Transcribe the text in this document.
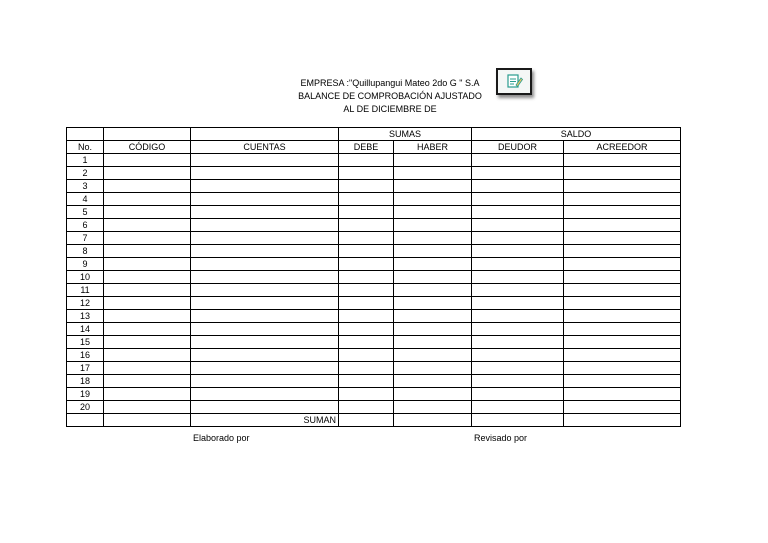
EMPRESA :"Quillupangui Mateo 2do G " S.A
BALANCE DE COMPROBACIÓN AJUSTADO
AL DE DICIEMBRE DE
			SUMAS		SALDO	
No.	CÓDIGO	CUENTAS	DEBE	HABER	DEUDOR	ACREEDOR
1						
2						
3						
4						
5						
6						
7						
8						
9						
10						
11						
12						
13						
14						
15						
16						
17						
18						
19						
20						
		SUMAN				
Elaborado por	Revisado por
